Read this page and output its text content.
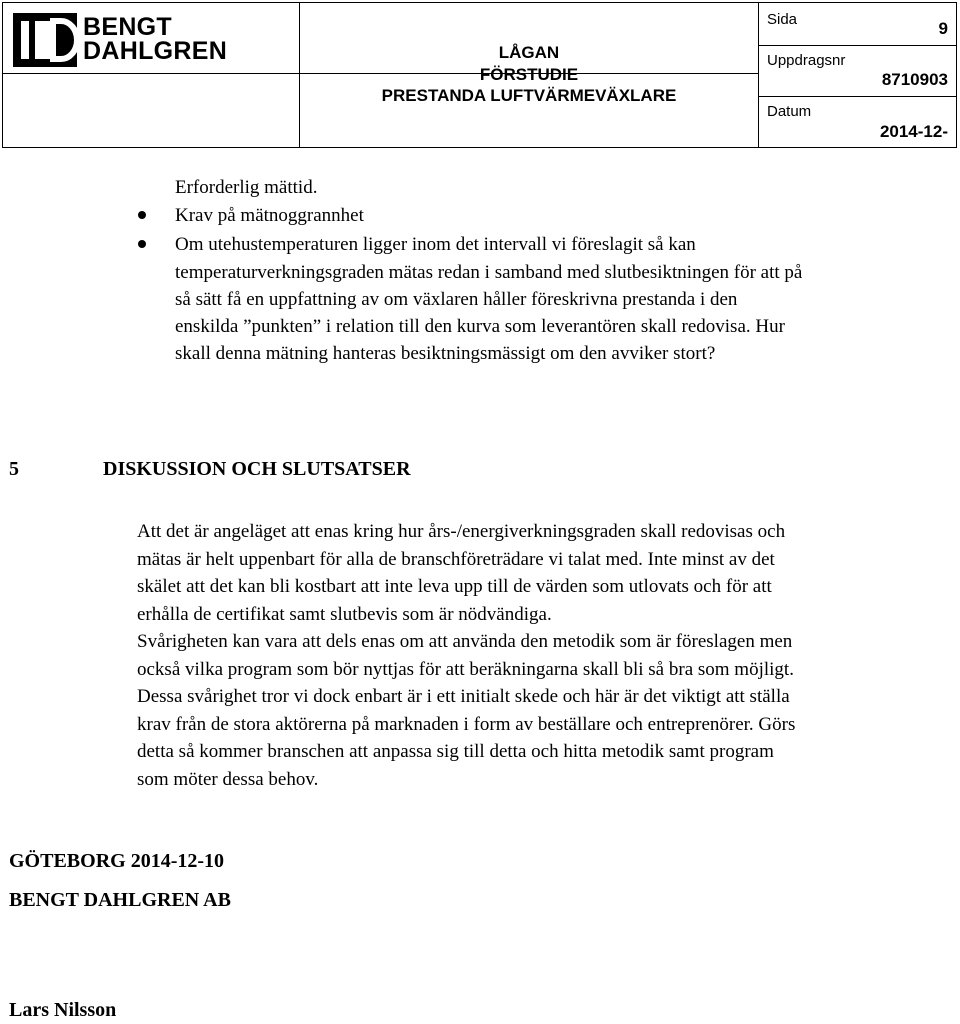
BENGT
DAHLGREN	LÅGAN
FÖRSTUDIE
PRESTANDA LUFTVÄRMEVÄXLARE
Sida	9
Uppdragsnr
8710903
Datum
2014-12-
Erforderlig mättid.
Krav på mätnoggrannhet
Om utehustemperaturen ligger inom det intervall vi föreslagit så kan
temperaturverkningsgraden mätas redan i samband med slutbesiktningen för att på
så sätt få en uppfattning av om växlaren håller föreskrivna prestanda i den
enskilda ”punkten” i relation till den kurva som leverantören skall redovisa. Hur
skall denna mätning hanteras besiktningsmässigt om den avviker stort?
5	DISKUSSION OCH SLUTSATSER
Att det är angeläget att enas kring hur års-/energiverkningsgraden skall redovisas och
mätas är helt uppenbart för alla de branschföreträdare vi talat med. Inte minst av det
skälet att det kan bli kostbart att inte leva upp till de värden som utlovats och för att
erhålla de certifikat samt slutbevis som är nödvändiga.
Svårigheten kan vara att dels enas om att använda den metodik som är föreslagen men
också vilka program som bör nyttjas för att beräkningarna skall bli så bra som möjligt.
Dessa svårighet tror vi dock enbart är i ett initialt skede och här är det viktigt att ställa
krav från de stora aktörerna på marknaden i form av beställare och entreprenörer. Görs
detta så kommer branschen att anpassa sig till detta och hitta metodik samt program
som möter dessa behov.
GÖTEBORG 2014-12-10
BENGT DAHLGREN AB
Lars Nilsson
